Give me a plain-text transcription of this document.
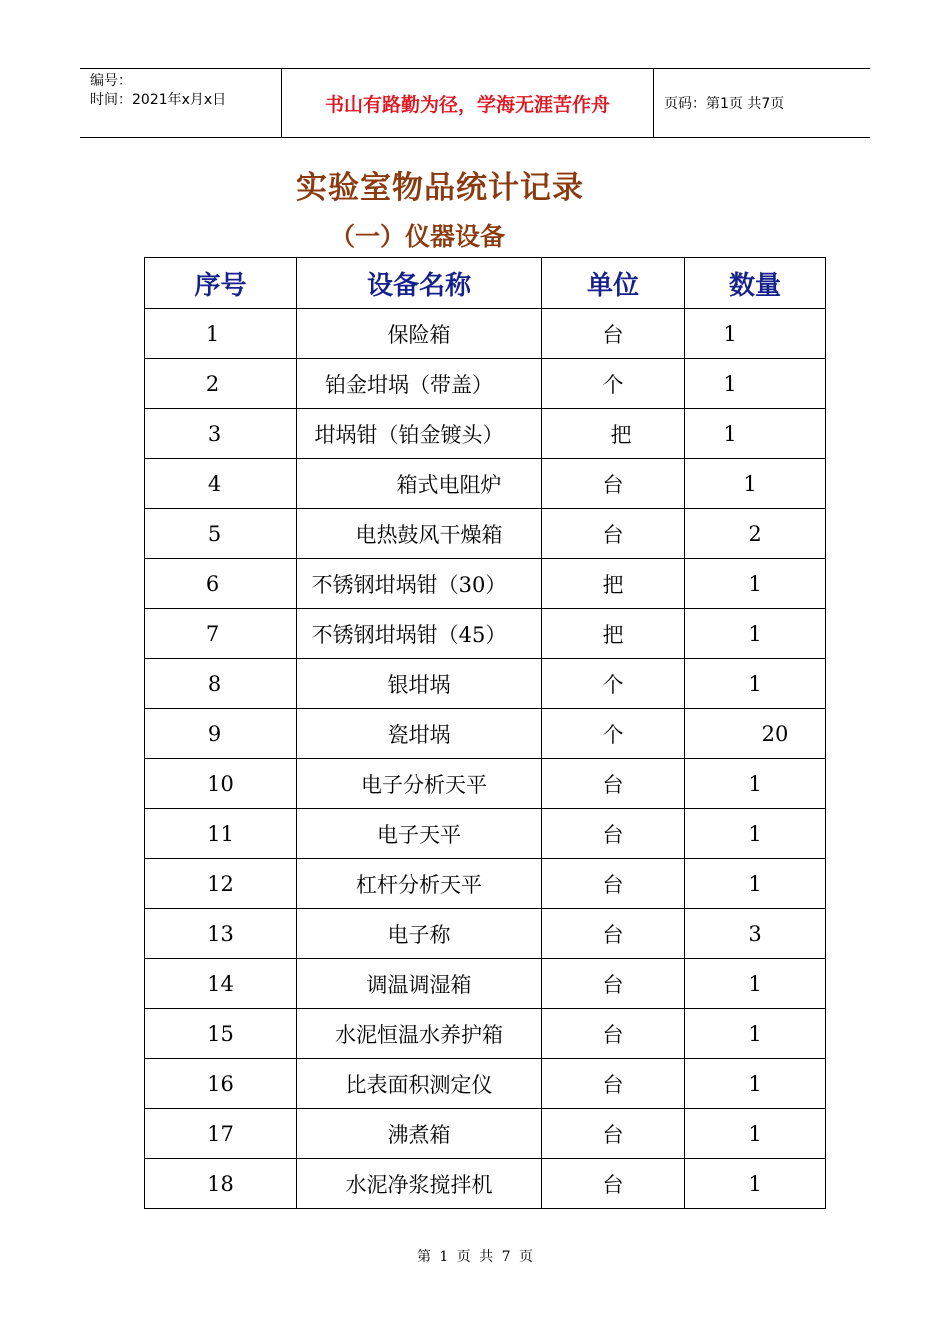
编号：
时间：2021年x月x日	书山有路勤为径，学海无涯苦作舟	页码：第1页 共7页
实验室物品统计记录
（一）仪器设备
序号	设备名称	单位	数量
1	保险箱	台	1
2	铂金坩埚（带盖）	个	1
3	坩埚钳（铂金镀头）	把	1
4	箱式电阻炉	台	1
5	电热鼓风干燥箱	台	2
6	不锈钢坩埚钳（30）	把	1
7	不锈钢坩埚钳（45）	把	1
8	银坩埚	个	1
9	瓷坩埚	个	20
10	电子分析天平	台	1
11	电子天平	台	1
12	杠杆分析天平	台	1
13	电子称	台	3
14	调温调湿箱	台	1
15	水泥恒温水养护箱	台	1
16	比表面积测定仪	台	1
17	沸煮箱	台	1
18	水泥净浆搅拌机	台	1
第 1 页 共 7 页
